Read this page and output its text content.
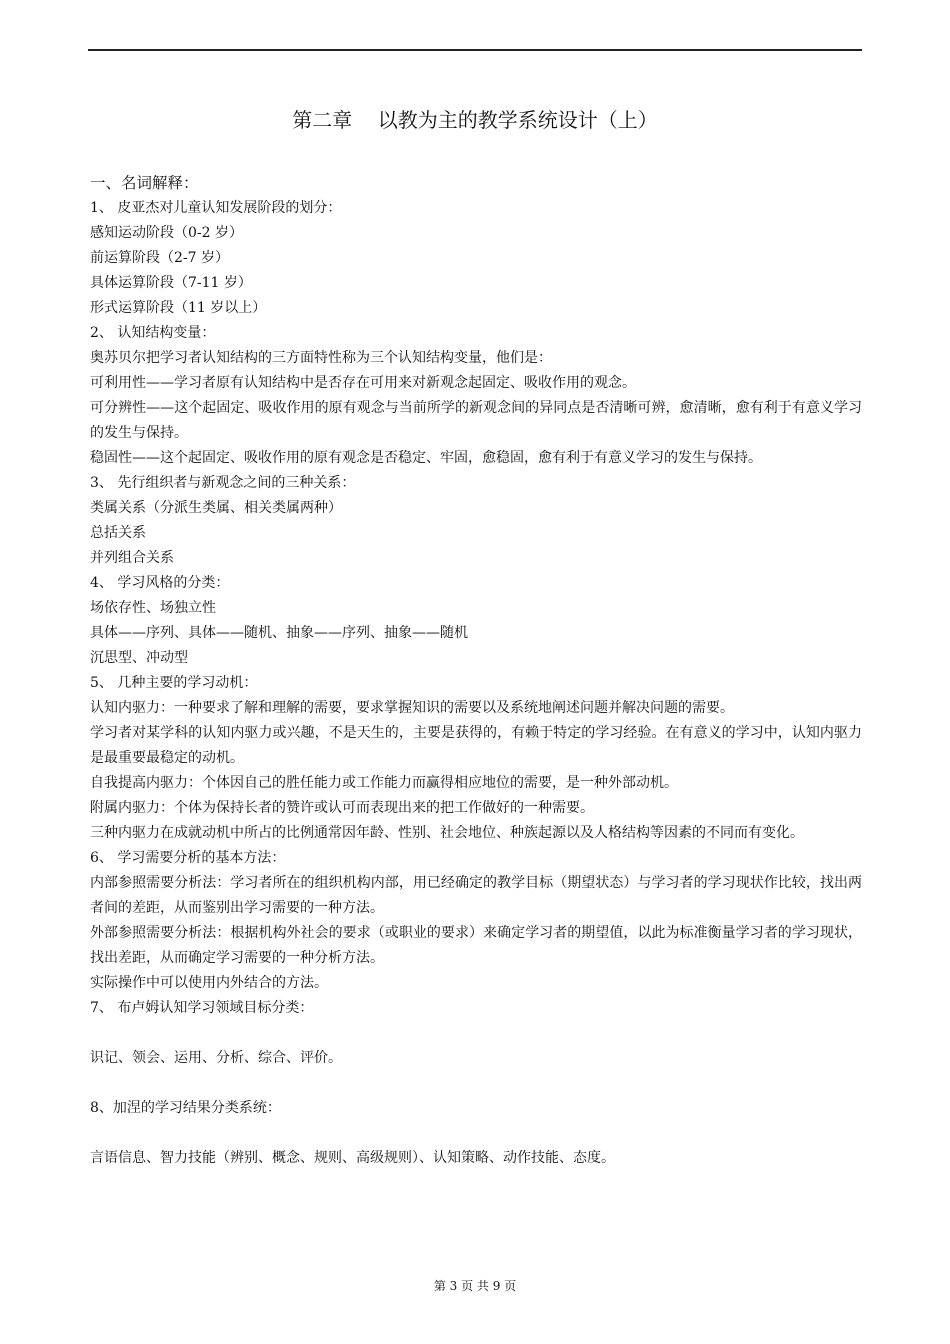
第二章    以教为主的教学系统设计（上）

一、名词解释：

1、 皮亚杰对儿童认知发展阶段的划分：

感知运动阶段（0-2 岁）

前运算阶段（2-7 岁）

具体运算阶段（7-11 岁）

形式运算阶段（11 岁以上）

2、 认知结构变量：

奥苏贝尔把学习者认知结构的三方面特性称为三个认知结构变量，他们是：

可利用性——学习者原有认知结构中是否存在可用来对新观念起固定、吸收作用的观念。

可分辨性——这个起固定、吸收作用的原有观念与当前所学的新观念间的异同点是否清晰可辨，愈清晰，愈有利于有意义学习的发生与保持。

稳固性——这个起固定、吸收作用的原有观念是否稳定、牢固，愈稳固，愈有利于有意义学习的发生与保持。

3、 先行组织者与新观念之间的三种关系：

类属关系（分派生类属、相关类属两种）

总括关系

并列组合关系

4、 学习风格的分类：

场依存性、场独立性

具体——序列、具体——随机、抽象——序列、抽象——随机

沉思型、冲动型

5、 几种主要的学习动机：

认知内驱力：一种要求了解和理解的需要，要求掌握知识的需要以及系统地阐述问题并解决问题的需要。

学习者对某学科的认知内驱力或兴趣，不是天生的，主要是获得的，有赖于特定的学习经验。在有意义的学习中，认知内驱力是最重要最稳定的动机。

自我提高内驱力：个体因自己的胜任能力或工作能力而赢得相应地位的需要，是一种外部动机。

附属内驱力：个体为保持长者的赞许或认可而表现出来的把工作做好的一种需要。

三种内驱力在成就动机中所占的比例通常因年龄、性别、社会地位、种族起源以及人格结构等因素的不同而有变化。

6、 学习需要分析的基本方法：

内部参照需要分析法：学习者所在的组织机构内部，用已经确定的教学目标（期望状态）与学习者的学习现状作比较，找出两者间的差距，从而鉴别出学习需要的一种方法。

外部参照需要分析法：根据机构外社会的要求（或职业的要求）来确定学习者的期望值，以此为标准衡量学习者的学习现状，找出差距，从而确定学习需要的一种分析方法。

实际操作中可以使用内外结合的方法。

7、 布卢姆认知学习领域目标分类：

识记、领会、运用、分析、综合、评价。

8、加涅的学习结果分类系统：

言语信息、智力技能（辨别、概念、规则、高级规则）、认知策略、动作技能、态度。

第 3 页 共 9 页
